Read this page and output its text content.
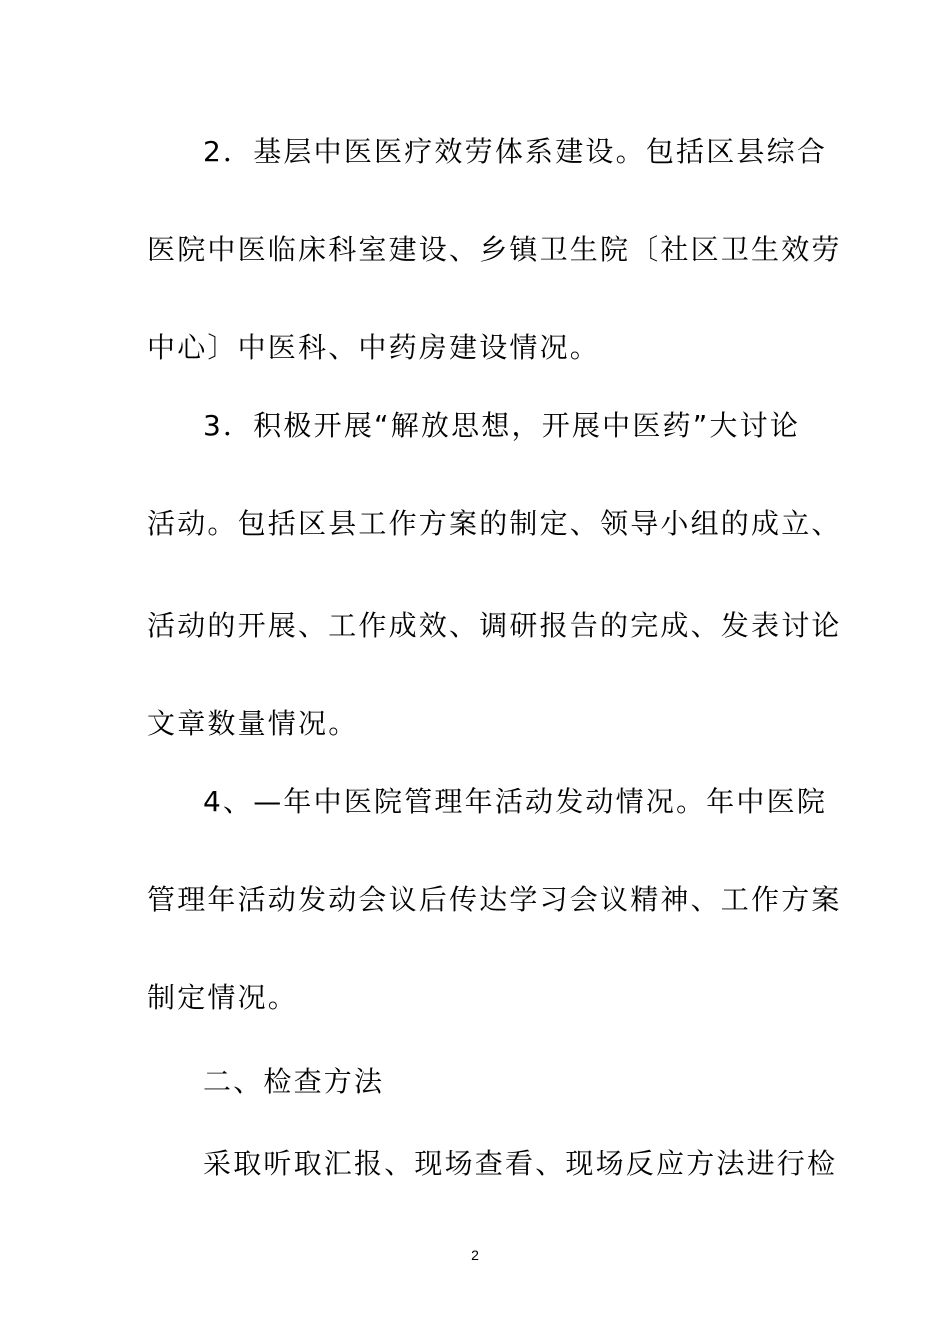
2．基层中医医疗效劳体系建设。包括区县综合
医院中医临床科室建设、乡镇卫生院〔社区卫生效劳
中心〕中医科、中药房建设情况。
3．积极开展“解放思想，开展中医药”大讨论
活动。包括区县工作方案的制定、领导小组的成立、
活动的开展、工作成效、调研报告的完成、发表讨论
文章数量情况。
4、—年中医院管理年活动发动情况。年中医院
管理年活动发动会议后传达学习会议精神、工作方案
制定情况。
二、检查方法
采取听取汇报、现场查看、现场反应方法进行检
2
